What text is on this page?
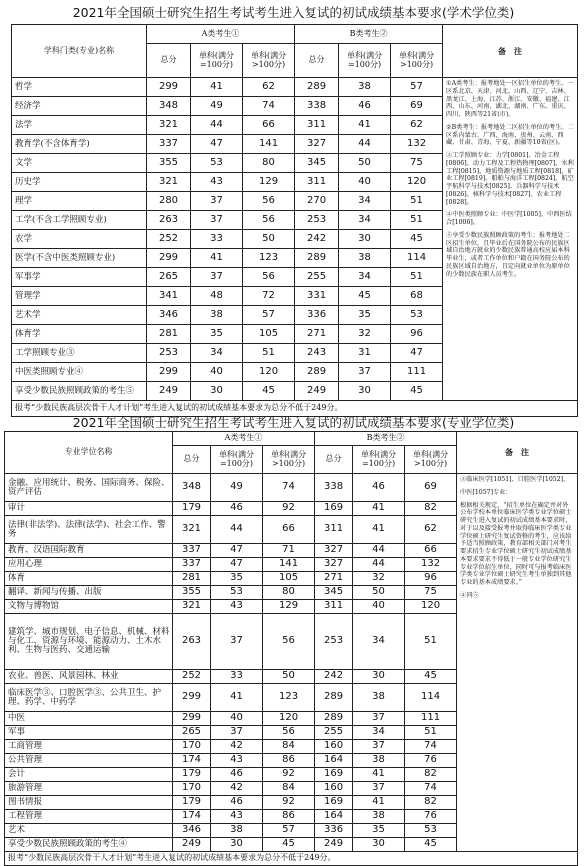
2021年全国硕士研究生招生考试考生进入复试的初试成绩基本要求(学术学位类)
学科门类(专业)名称	A类考生①			B类考生②			备　注
	总分	单科(满分=100分)	单科(满分>100分)	总分	单科(满分=100分)	单科(满分>100分)	
哲学	299	41	62	289	38	57	①A类考生：报考地处一区招生单位的考生。一区系北京、天津、河北、山西、辽宁、吉林、黑龙江、上海、江苏、浙江、安徽、福建、江西、山东、河南、湖北、湖南、广东、重庆、四川、陕西等21省(市)。

②B类考生：报考地处二区招生单位的考生。二区系内蒙古、广西、海南、贵州、云南、西藏、甘肃、青海、宁夏、新疆等10省(区)。

③工学照顾专业：力学[0801]、冶金工程[0806]、动力工程及工程热物理[0807]、水利工程[0815]、地质资源与地质工程[0818]、矿业工程[0819]、船舶与海洋工程[0824]、航空宇航科学与技术[0825]、兵器科学与技术[0826]、核科学与技术[0827]、农业工程[0828]。

④中医类照顾专业：中医学[1005]、中西医结合[1006]。

⑤享受少数民族照顾政策的考生：报考地处二区招生单位，且毕业后在国务院公布的民族区域自治地方就业的少数民族普通高校应届本科毕业生，或者工作单位和户籍在国务院公布的民族区域自治地方，且定向就业单位为原单位的少数民族在职人员考生。

经济学	348	49	74	338	46	69	
法学	321	44	66	311	41	62	
教育学(不含体育学)	337	47	141	327	44	132	
文学	355	53	80	345	50	75	
历史学	321	43	129	311	40	120	
理学	280	37	56	270	34	51	
工学(不含工学照顾专业)	263	37	56	253	34	51	
农学	252	33	50	242	30	45	
医学(不含中医类照顾专业)	299	41	123	289	38	114	
军事学	265	37	56	255	34	51	
管理学	341	48	72	331	45	68	
艺术学	346	38	57	336	35	53	
体育学	281	35	105	271	32	96	
工学照顾专业③	253	34	51	243	31	47	
中医类照顾专业④	299	40	120	289	37	111	
享受少数民族照顾政策的考生⑤	249	30	45	249	30	45	
报考“少数民族高层次骨干人才计划”考生进入复试的初试成绩基本要求为总分不低于249分。							
2021年全国硕士研究生招生考试考生进入复试的初试成绩基本要求(专业学位类)
专业学位名称	A类考生①			B类考生②			备　注
	总分	单科(满分=100分)	单科(满分>100分)	总分	单科(满分=100分)	单科(满分>100分)	
金融、应用统计、税务、国际商务、保险、资产评估	348	49	74	338	46	69	③临床医学[1051]、口腔医学[1052]、

中医[1057]专业：

根据相关规定，“招生单位在确定并对外公布学校本单位临床医学类专业学位硕士研究生进入复试的初试成绩基本要求时，对于以及接受报考并取得临床医学类专业学位硕士研究生复试资格的考生，应该给予适当照顾政策，教育部相关部门对考生要求招生专业学位硕士研究生初试成绩基本要求要求不得低于一般专业学位研究生专业学位招生单位，同时可与报考临床医学类专业学位硕士研究生考生单独到其他专业的基本成绩要求。”

④同⑤

审计	179	46	92	169	41	82	
法律(非法学)、法律(法学)、社会工作、警务	321	44	66	311	41	62	
教育、汉语国际教育	337	47	71	327	44	66	
应用心理	337	47	141	327	44	132	
体育	281	35	105	271	32	96	
翻译、新闻与传播、出版	355	53	80	345	50	75	
文物与博物馆	321	43	129	311	40	120	
建筑学、城市规划、电子信息、机械、材料与化工、资源与环境、能源动力、土木水利、生物与医药、交通运输	263	37	56	253	34	51	
农业、兽医、风景园林、林业	252	33	50	242	30	45	
临床医学③、口腔医学③、公共卫生、护理、药学、中药学	299	41	123	289	38	114	
中医	299	40	120	289	37	111	
军事	265	37	56	255	34	51	
工商管理	170	42	84	160	37	74	
公共管理	174	43	86	164	38	76	
会计	179	46	92	169	41	82	
旅游管理	170	42	84	160	37	74	
图书情报	179	46	92	169	41	82	
工程管理	174	43	86	164	38	76	
艺术	346	38	57	336	35	53	
享受少数民族照顾政策的考生④	249	30	45	249	30	45	
报考“少数民族高层次骨干人才计划”考生进入复试的初试成绩基本要求为总分不低于249分。							
